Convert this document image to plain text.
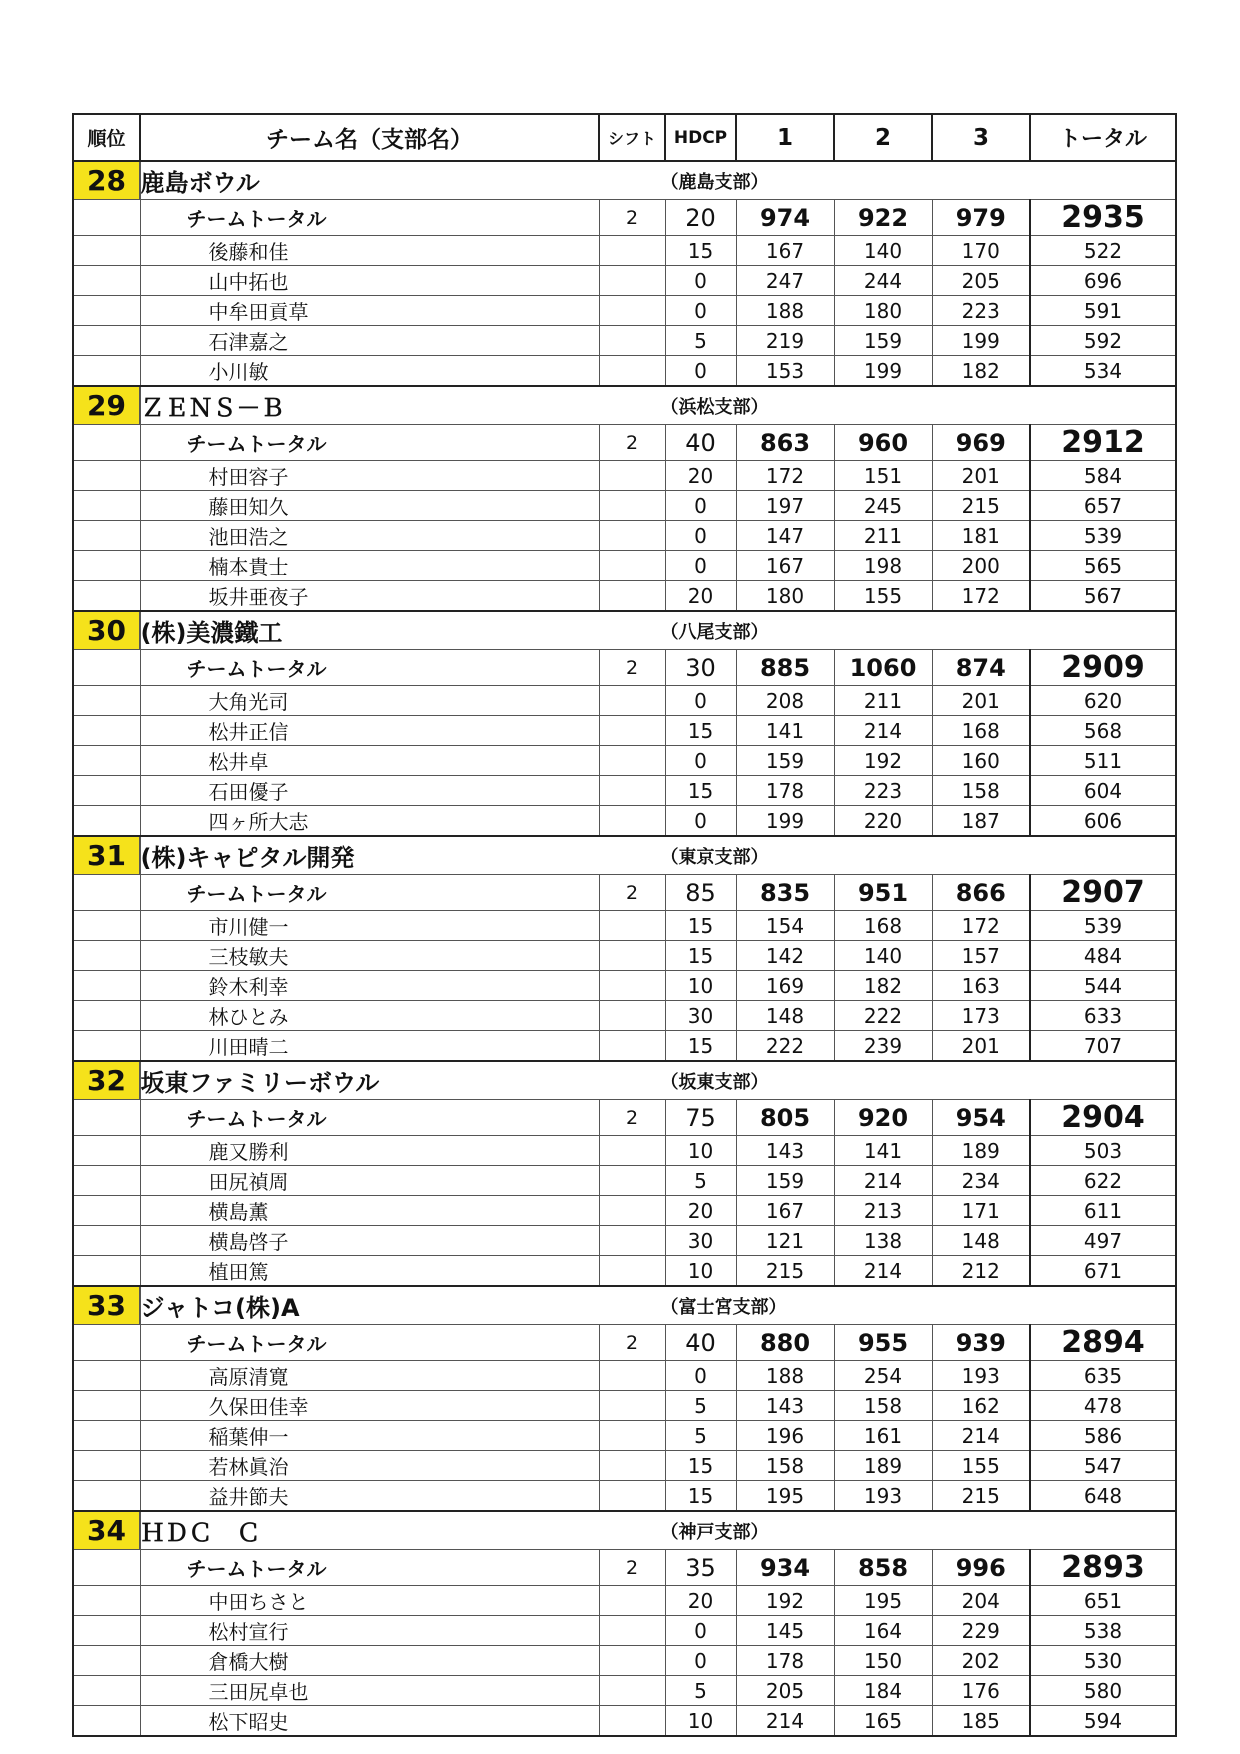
順位	チーム名（支部名）	シフト	HDCP	1	2	3	トータル

28	鹿島ボウル （鹿島支部）						

	チームトータル	2	20	974	922	979	2935
	後藤和佳		15	167	140	170	522
	山中拓也		0	247	244	205	696
	中牟田貢草		0	188	180	223	591
	石津嘉之		5	219	159	199	592
	小川敏		0	153	199	182	534

29	ＺＥＮＳ－Ｂ （浜松支部）						

	チームトータル	2	40	863	960	969	2912
	村田容子		20	172	151	201	584
	藤田知久		0	197	245	215	657
	池田浩之		0	147	211	181	539
	楠本貴士		0	167	198	200	565
	坂井亜夜子		20	180	155	172	567

30	(株)美濃鐵工 （八尾支部）						

	チームトータル	2	30	885	1060	874	2909
	大角光司		0	208	211	201	620
	松井正信		15	141	214	168	568
	松井卓		0	159	192	160	511
	石田優子		15	178	223	158	604
	四ヶ所大志		0	199	220	187	606

31	(株)キャピタル開発 （東京支部）						

	チームトータル	2	85	835	951	866	2907
	市川健一		15	154	168	172	539
	三枝敏夫		15	142	140	157	484
	鈴木利幸		10	169	182	163	544
	林ひとみ		30	148	222	173	633
	川田晴二		15	222	239	201	707

32	坂東ファミリーボウル （坂東支部）						

	チームトータル	2	75	805	920	954	2904
	鹿又勝利		10	143	141	189	503
	田尻禎周		5	159	214	234	622
	横島薫		20	167	213	171	611
	横島啓子		30	121	138	148	497
	植田篤		10	215	214	212	671

33	ジャトコ(株)A （富士宮支部）						

	チームトータル	2	40	880	955	939	2894
	高原清寛		0	188	254	193	635
	久保田佳幸		5	143	158	162	478
	稲葉伸一		5	196	161	214	586
	若林眞治		15	158	189	155	547
	益井節夫		15	195	193	215	648

34	ＨＤＣ　Ｃ （神戸支部）						

	チームトータル	2	35	934	858	996	2893
	中田ちさと		20	192	195	204	651
	松村宣行		0	145	164	229	538
	倉橋大樹		0	178	150	202	530
	三田尻卓也		5	205	184	176	580
	松下昭史		10	214	165	185	594
